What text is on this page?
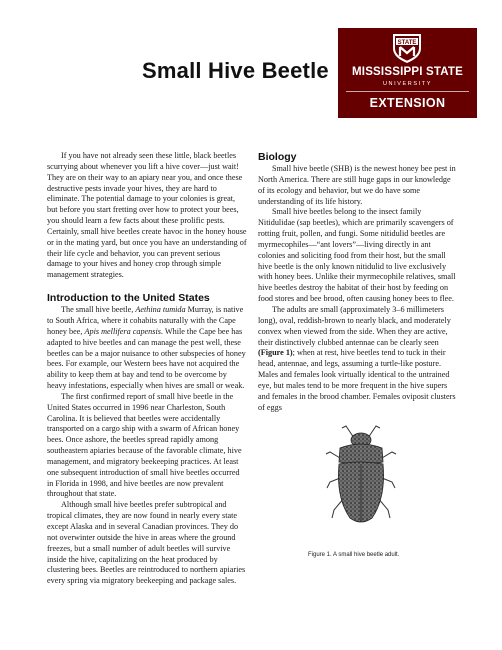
Small Hive Beetle
STATE
MISSISSIPPI STATE
UNIVERSITY
EXTENSION

If you have not already seen these little, black beetles scurrying about whenever you lift a hive cover—just wait! They are on their way to an apiary near you, and once these destructive pests invade your hives, they are hard to eliminate. The potential damage to your colonies is great, but before you start fretting over how to protect your bees, you should learn a few facts about these prolific pests. Certainly, small hive beetles create havoc in the honey house or in the mating yard, but once you have an understanding of their life cycle and behavior, you can prevent serious damage to your hives and honey crop through simple management strategies.

Introduction to the United States

The small hive beetle, Aethina tumida Murray, is native to South Africa, where it cohabits naturally with the Cape honey bee, Apis mellifera capensis. While the Cape bee has adapted to hive beetles and can manage the pest well, these beetles can be a major nuisance to other subspecies of honey bees. For example, our Western bees have not acquired the ability to keep them at bay and tend to be overcome by heavy infestations, especially when hives are small or weak.

The first confirmed report of small hive beetle in the United States occurred in 1996 near Charleston, South Carolina. It is believed that beetles were accidentally transported on a cargo ship with a swarm of African honey bees. Once ashore, the beetles spread rapidly among southeastern apiaries because of the favorable climate, hive management, and migratory beekeeping practices. At least one subsequent introduction of small hive beetles occurred in Florida in 1998, and hive beetles are now prevalent throughout that state.

Although small hive beetles prefer subtropical and tropical climates, they are now found in nearly every state except Alaska and in several Canadian provinces. They do not overwinter outside the hive in areas where the ground freezes, but a small number of adult beetles will survive inside the hive, capitalizing on the heat produced by clustering bees. Beetles are reintroduced to northern apiaries every spring via migratory beekeeping and package sales.

Biology

Small hive beetle (SHB) is the newest honey bee pest in North America. There are still huge gaps in our knowledge of its ecology and behavior, but we do have some understanding of its life history.

Small hive beetles belong to the insect family Nitidulidae (sap beetles), which are primarily scavengers of rotting fruit, pollen, and fungi. Some nitidulid beetles are myrmecophiles—“ant lovers”—living directly in ant colonies and soliciting food from their host, but the small hive beetle is the only known nitidulid to live exclusively with honey bees. Unlike their myrmecophile relatives, small hive beetles destroy the habitat of their host by feeding on food stores and bee brood, often causing honey bees to flee.

The adults are small (approximately 3–6 millimeters long), oval, reddish-brown to nearly black, and moderately convex when viewed from the side. When they are active, their distinctively clubbed antennae can be clearly seen (Figure 1); when at rest, hive beetles tend to tuck in their head, antennae, and legs, assuming a turtle-like posture. Males and females look virtually identical to the untrained eye, but males tend to be more frequent in the hive supers and females in the brood chamber. Females oviposit clusters of eggs

Figure 1. A small hive beetle adult.
